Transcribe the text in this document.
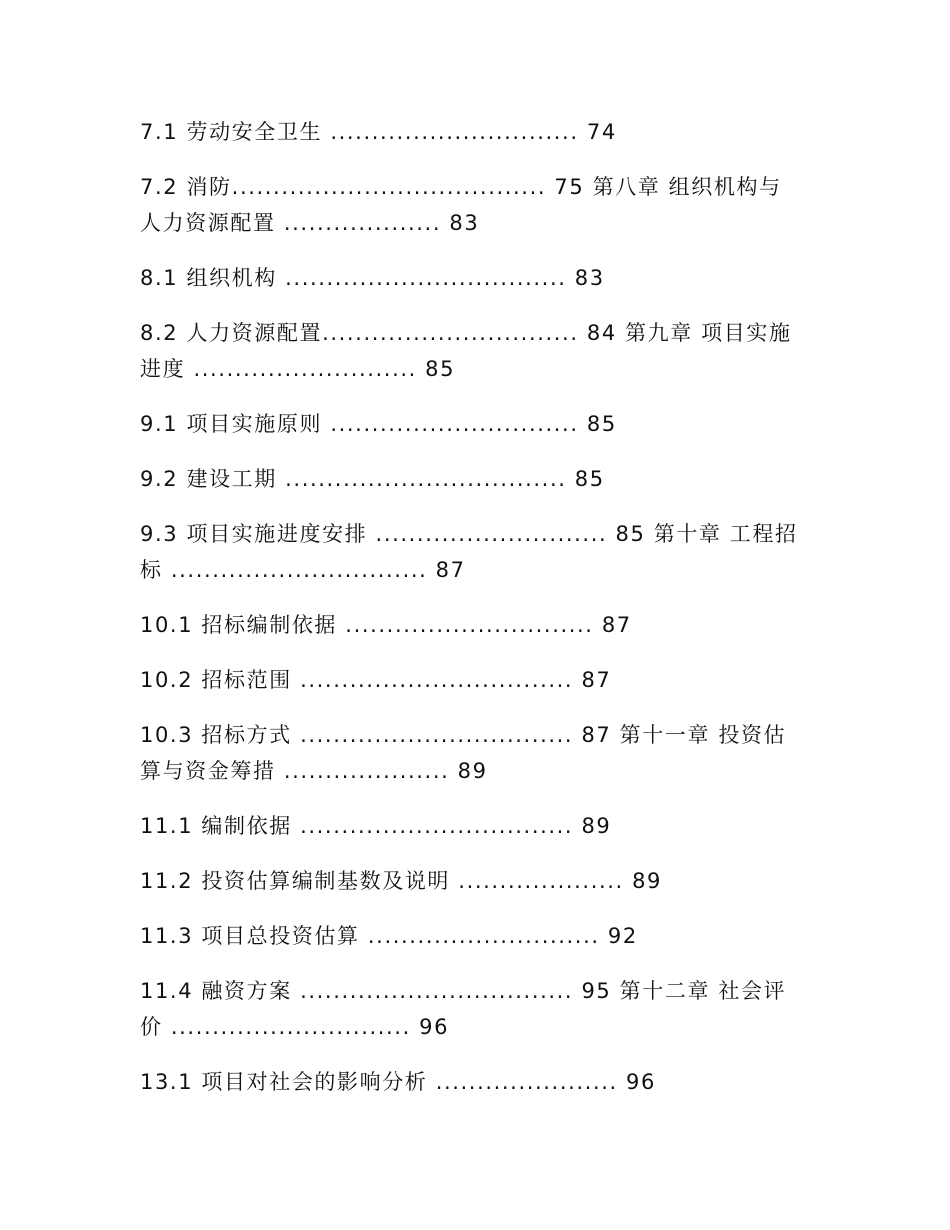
7.1 劳动安全卫生 .............................. 74
7.2 消防...................................... 75 第八章 组织机构与
人力资源配置 ................... 83
8.1 组织机构 .................................. 83
8.2 人力资源配置............................... 84 第九章 项目实施
进度 ........................... 85
9.1 项目实施原则 .............................. 85
9.2 建设工期 .................................. 85
9.3 项目实施进度安排 ............................ 85 第十章 工程招
标 ............................... 87
10.1 招标编制依据 .............................. 87
10.2 招标范围 ................................. 87
10.3 招标方式 ................................. 87 第十一章 投资估
算与资金筹措 .................... 89
11.1 编制依据 ................................. 89
11.2 投资估算编制基数及说明 .................... 89
11.3 项目总投资估算 ............................ 92
11.4 融资方案 ................................. 95 第十二章 社会评
价 ............................. 96
13.1 项目对社会的影响分析 ...................... 96
